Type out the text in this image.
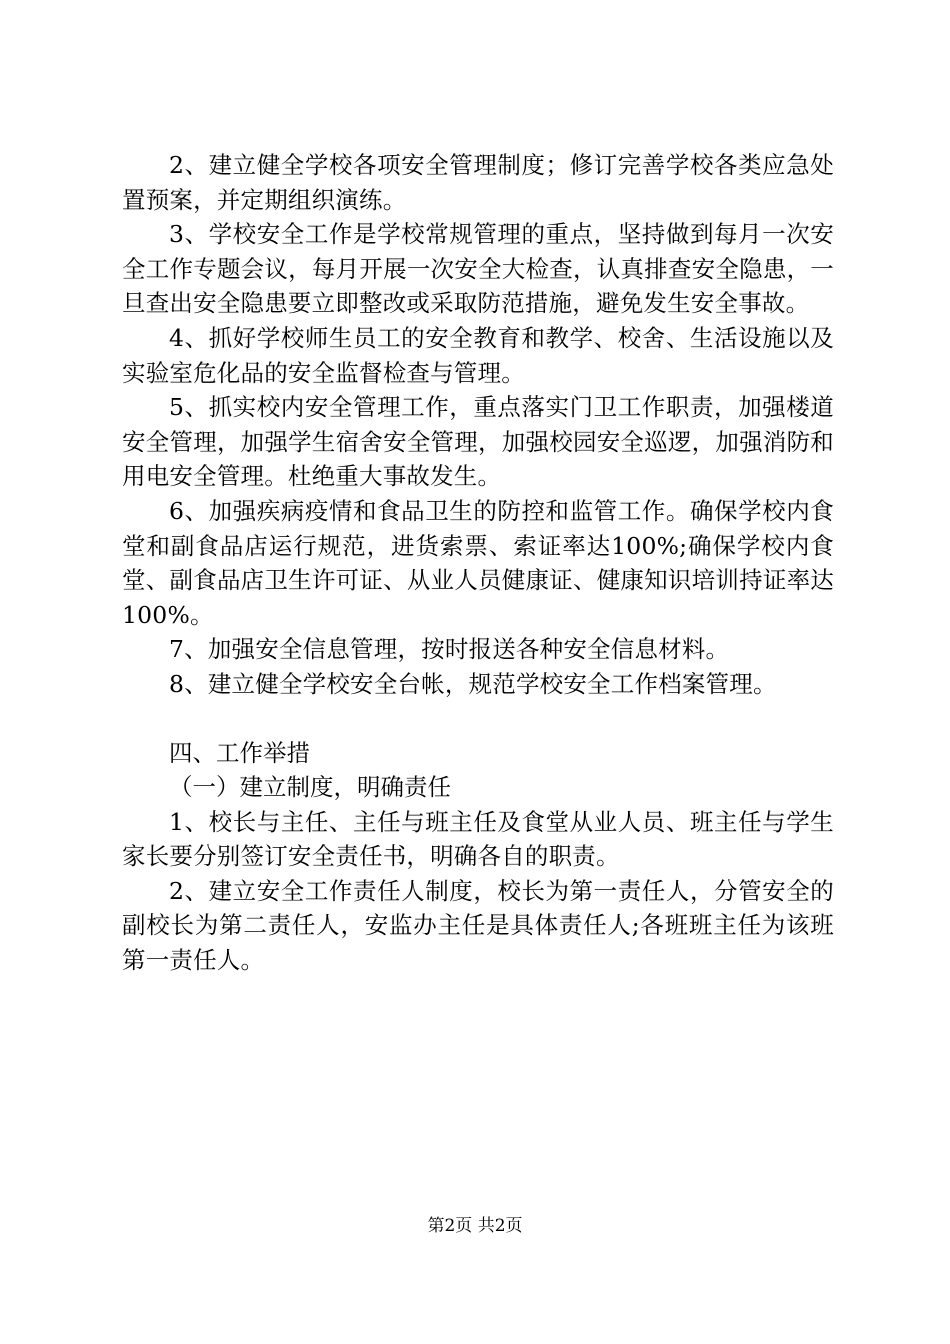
2、建立健全学校各项安全管理制度；修订完善学校各类应急处置预案，并定期组织演练。

3、学校安全工作是学校常规管理的重点，坚持做到每月一次安全工作专题会议，每月开展一次安全大检查，认真排查安全隐患，一旦查出安全隐患要立即整改或采取防范措施，避免发生安全事故。

4、抓好学校师生员工的安全教育和教学、校舍、生活设施以及实验室危化品的安全监督检查与管理。

5、抓实校内安全管理工作，重点落实门卫工作职责，加强楼道安全管理，加强学生宿舍安全管理，加强校园安全巡逻，加强消防和用电安全管理。杜绝重大事故发生。

6、加强疾病疫情和食品卫生的防控和监管工作。确保学校内食堂和副食品店运行规范，进货索票、索证率达100%;确保学校内食堂、副食品店卫生许可证、从业人员健康证、健康知识培训持证率达100%。

7、加强安全信息管理，按时报送各种安全信息材料。

8、建立健全学校安全台帐，规范学校安全工作档案管理。

四、工作举措

（一）建立制度，明确责任

1、校长与主任、主任与班主任及食堂从业人员、班主任与学生家长要分别签订安全责任书，明确各自的职责。

2、建立安全工作责任人制度，校长为第一责任人，分管安全的副校长为第二责任人，安监办主任是具体责任人;各班班主任为该班第一责任人。

第2页 共2页
